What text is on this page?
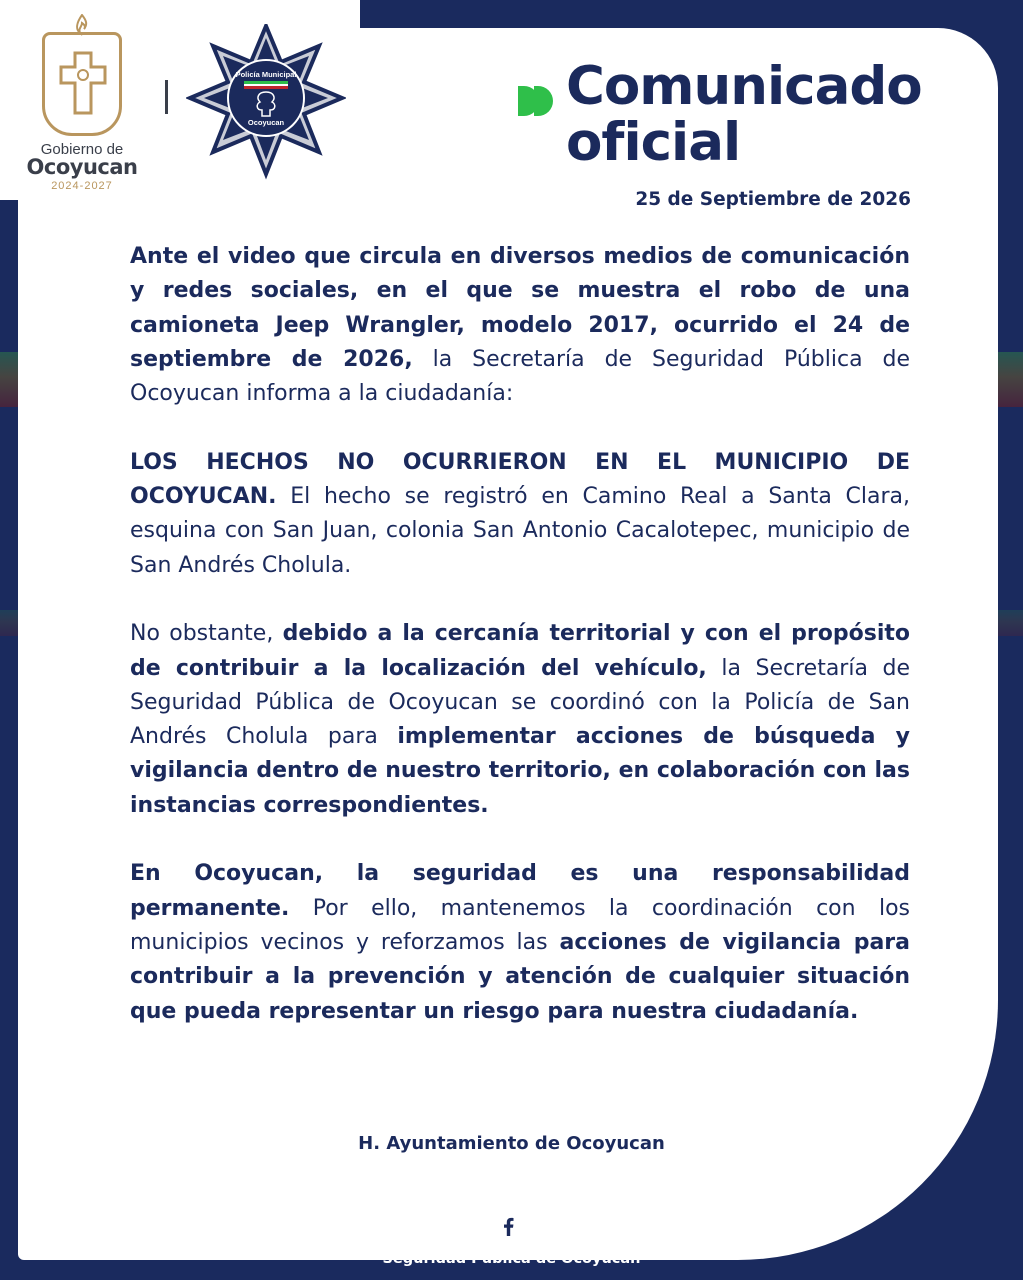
Gobierno de
Ocoyucan
2024-2027
Policía Municipal
Ocoyucan
Comunicado
oficial
25 de Septiembre de 2026

Ante el video que circula en diversos medios de comunicación y redes sociales, en el que se muestra el robo de una camioneta Jeep Wrangler, modelo 2017, ocurrido el 24 de septiembre de 2026, la Secretaría de Seguridad Pública de Ocoyucan informa a la ciudadanía:

LOS HECHOS NO OCURRIERON EN EL MUNICIPIO DE OCOYUCAN. El hecho se registró en Camino Real a Santa Clara, esquina con San Juan, colonia San Antonio Cacalotepec, municipio de San Andrés Cholula.

No obstante, debido a la cercanía territorial y con el propósito de contribuir a la localización del vehículo, la Secretaría de Seguridad Pública de Ocoyucan se coordinó con la Policía de San Andrés Cholula para implementar acciones de búsqueda y vigilancia dentro de nuestro territorio, en colaboración con las instancias correspondientes.

En Ocoyucan, la seguridad es una responsabilidad permanente. Por ello, mantenemos la coordinación con los municipios vecinos y reforzamos las acciones de vigilancia para contribuir a la prevención y atención de cualquier situación que pueda representar un riesgo para nuestra ciudadanía.

H. Ayuntamiento de Ocoyucan
Seguridad Pública de Ocoyucan
